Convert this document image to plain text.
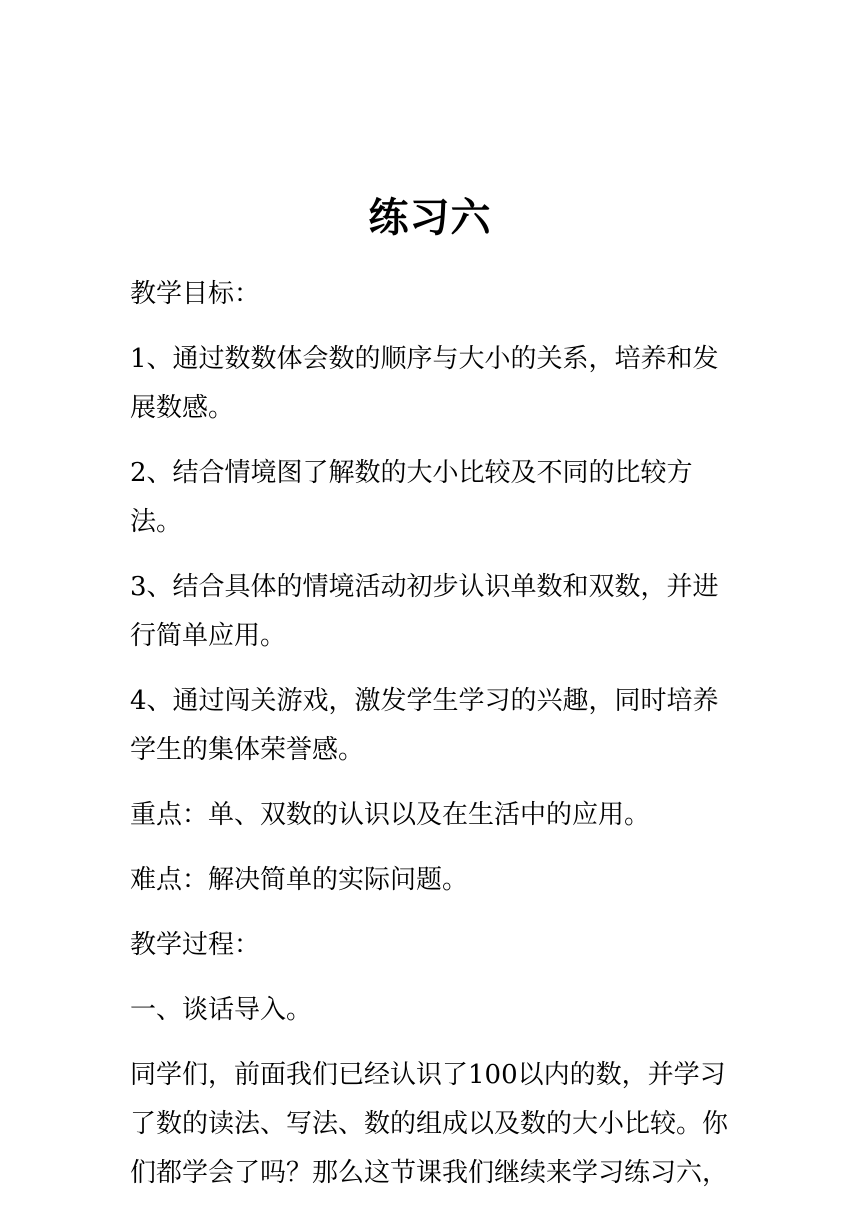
练习六

教学目标：

1、通过数数体会数的顺序与大小的关系，培养和发展数感。

2、结合情境图了解数的大小比较及不同的比较方法。

3、结合具体的情境活动初步认识单数和双数，并进行简单应用。

4、通过闯关游戏，激发学生学习的兴趣，同时培养学生的集体荣誉感。

重点：单、双数的认识以及在生活中的应用。

难点：解决简单的实际问题。

教学过程：

一、谈话导入。

同学们，前面我们已经认识了100以内的数，并学习了数的读法、写法、数的组成以及数的大小比较。你们都学会了吗？那么这节课我们继续来学习练习六，
